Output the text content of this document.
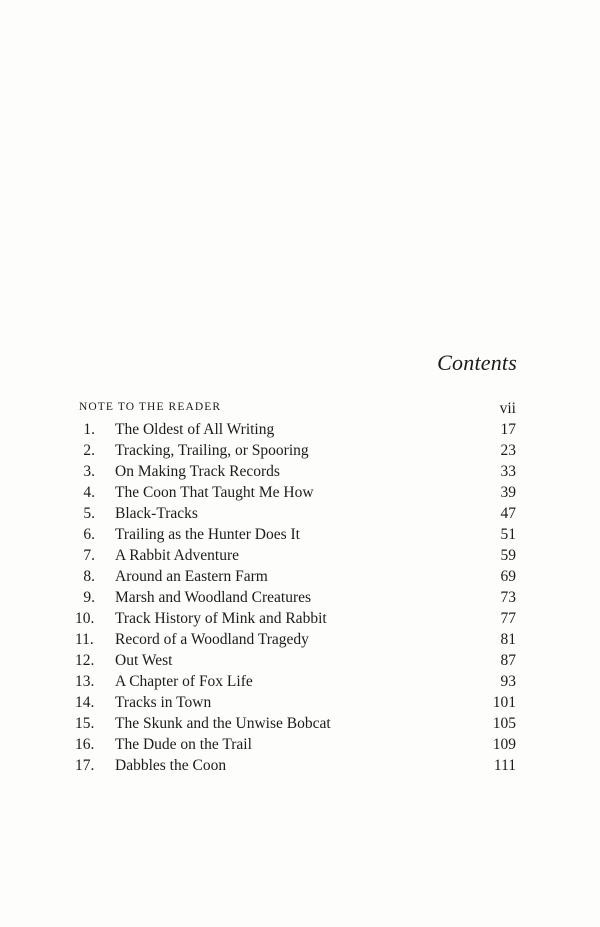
Contents
NOTE TO THE READER	vii
1. The Oldest of All Writing	17
2. Tracking, Trailing, or Spooring	23
3. On Making Track Records	33
4. The Coon That Taught Me How	39
5. Black-Tracks	47
6. Trailing as the Hunter Does It	51
7. A Rabbit Adventure	59
8. Around an Eastern Farm	69
9. Marsh and Woodland Creatures	73
10. Track History of Mink and Rabbit	77
11. Record of a Woodland Tragedy	81
12. Out West	87
13. A Chapter of Fox Life	93
14. Tracks in Town	101
15. The Skunk and the Unwise Bobcat	105
16. The Dude on the Trail	109
17. Dabbles the Coon	111
